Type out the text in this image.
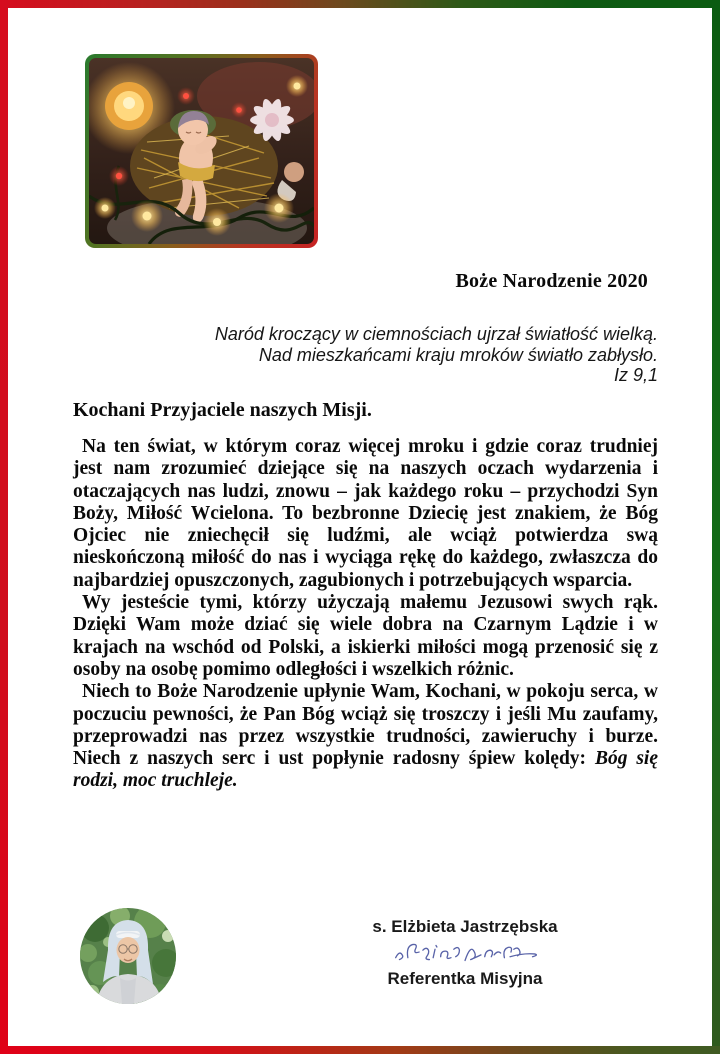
Boże Narodzenie 2020
Naród kroczący w ciemnościach ujrzał światłość wielką.
Nad mieszkańcami kraju mroków światło zabłysło.
Iz 9,1
Kochani Przyjaciele naszych Misji.

Na ten świat, w którym coraz więcej mroku i gdzie coraz trudniej jest nam zrozumieć dziejące się na naszych oczach wydarzenia i otaczających nas ludzi, znowu – jak każdego roku – przychodzi Syn Boży, Miłość Wcielona. To bezbronne Dziecię jest znakiem, że Bóg Ojciec nie zniechęcił się ludźmi, ale wciąż potwierdza swą nieskończoną miłość do nas i wyciąga rękę do każdego, zwłaszcza do najbardziej opuszczonych, zagubionych i potrzebujących wsparcia.

Wy jesteście tymi, którzy użyczają małemu Jezusowi swych rąk. Dzięki Wam może dziać się wiele dobra na Czarnym Lądzie i w krajach na wschód od Polski, a iskierki miłości mogą przenosić się z osoby na osobę pomimo odległości i wszelkich różnic.

Niech to Boże Narodzenie upłynie Wam, Kochani, w pokoju serca, w poczuciu pewności, że Pan Bóg wciąż się troszczy i jeśli Mu zaufamy, przeprowadzi nas przez wszystkie trudności, zawieruchy i burze. Niech z naszych serc i ust popłynie radosny śpiew kolędy: Bóg się rodzi, moc truchleje.

s. Elżbieta Jastrzębska
Referentka Misyjna
